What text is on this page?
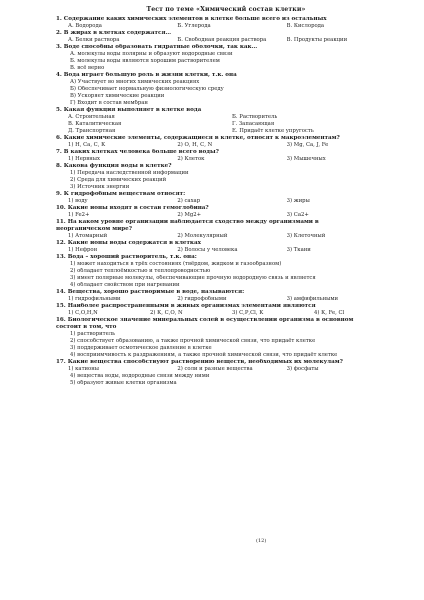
Тест по теме «Химический состав клетки»
1. Содержание каких химических элементов в клетке больше всего из остальных
А. Водорода	Б. Углерода	В. Кислорода
2. В жирах в клетках содержатся…
А. Белки раствора	Б. Свободная реакция раствора	В. Продукты реакции
3. Воде способны образовать гидратные оболочки, так как…
А. молекулы воды полярны и образуют водородные связи
Б. молекулы воды являются хорошим растворителем
В. всё верно
4. Вода играет большую роль в жизни клетки, т.к. она
А) Участвует во многих химических реакциях
Б) Обеспечивает нормальную физиологическую среду
В) Ускоряет химические реакции
Г) Входит в состав мембран
5. Какая функция выполняет в клетке вода
А. Строительная	Б. Растворитель
В. Каталитическая	Г. Запасающая
Д. Транспортная	Е. Придаёт клетке упругость
6. Какие химические элементы, содержащиеся в клетке, относят к макроэлементам?
1) Н, Са, С, К	2) О, Н, С, N	3) Мg, Са, J, Fe
7. В каких клетках человека больше всего воды?
1) Нервных	2) Клеток	3) Мышечных
8. Какова функция воды в клетке?
1) Передача наследственной информации
2) Среда для химических реакций
3) Источник энергии
9. К гидрофобным веществам относят:
1) воду	2) сахар	3) жиры
10. Какие ионы входят в состав гемоглобина?
1) Fe2+	2) Mg2+	3) Ca2+
11. На каком уровне организации наблюдается сходство между организмами в
неорганическом мире?
1) Атомарный	2) Молекулярный	3) Клеточный
12. Какие ионы воды содержатся в клетках
1) Нефрон	2) Волосы у человека	3) Ткани
13. Вода – хороший растворитель, т.к. она:
1) может находиться в трёх состояниях (твёрдом, жидком и газообразном)
2) обладает теплоёмкостью и теплопроводностью
3) имеет полярные молекулы, обеспечивающие прочную водородную связь и является
4) обладает свойством при нагревании
14. Вещества, хорошо растворимые в воде, называются:
1) гидрофильными	2) гидрофобными	3) амфифильными
15. Наиболее распространенными в живых организмах элементами являются
1) С,О,Н,N	2) К, С,О, N	3) С,Р,Cl, К	4) К, Fe, Cl
16. Биологическое значение минеральных солей в осуществлении организма в основном
состоит в том, что
1) растворитель
2) способствует образованию, а также прочной химической связи, что придаёт клетке
3) поддерживает осмотическое давление в клетке
4) восприимчивость к раздражениям, а также прочной химической связи, что придаёт клетке
17. Какие вещества способствуют растворению веществ, необходимых их молекулам?
1) катионы	2) соли и разные вещества	3) фосфаты
4) вещества воды, водородные связи между ними
5) образуют живые клетки организма
(12)
